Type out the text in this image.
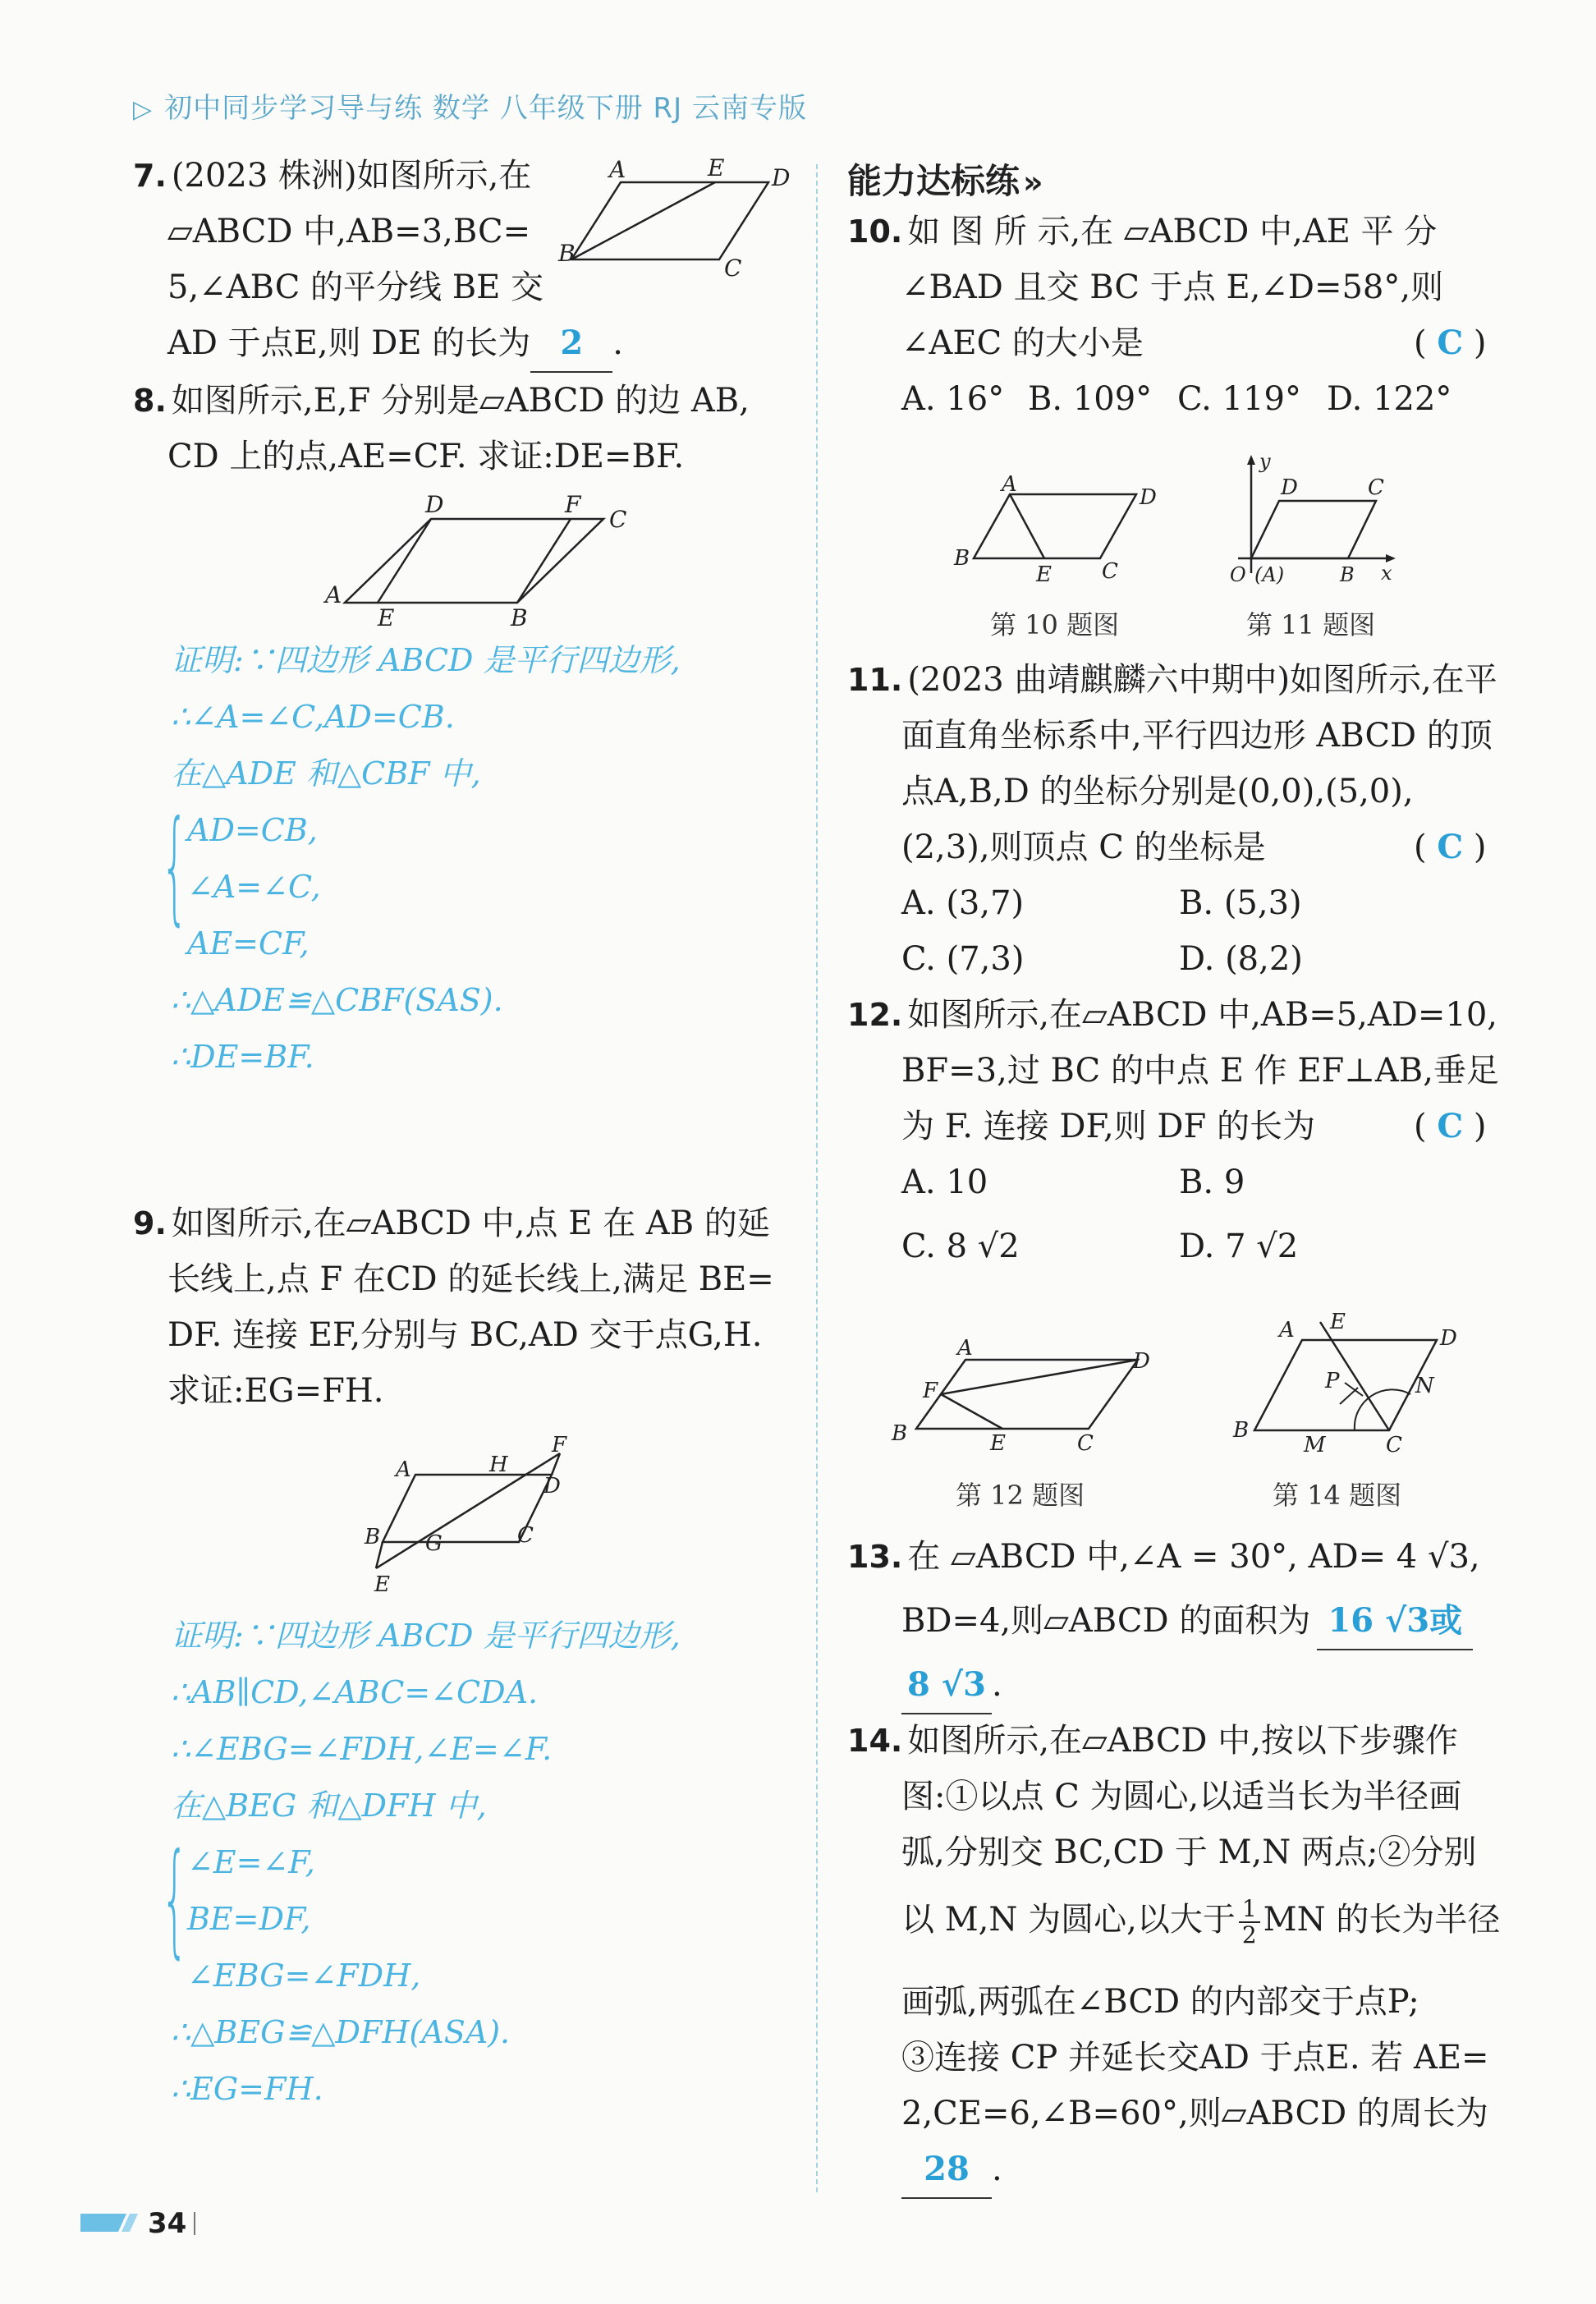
▷ 初中同步学习导与练 数学 八年级下册 RJ 云南专版
7. (2023 株洲)如图所示,在
▱ABCD 中,AB=3,BC=
5,∠ABC 的平分线 BE 交
AD 于点E,则 DE 的长为 2 .
A	E D
B
C
8. 如图所示,E,F 分别是▱ABCD 的边 AB,
CD 上的点,AE=CF. 求证:DE=BF.
D	F
C
A
E	B
证明:∵四边形 ABCD 是平行四边形,
∴∠A=∠C,AD=CB.
在△ADE 和△CBF 中,
{
AD=CB,
∠A=∠C,
AE=CF,
∴△ADE≌△CBF(SAS).
∴DE=BF.
9. 如图所示,在▱ABCD 中,点 E 在 AB 的延
长线上,点 F 在CD 的延长线上,满足 BE=
DF. 连接 EF,分别与 BC,AD 交于点G,H.
求证:EG=FH.
A	H
F
D
B G	C
E
证明:∵四边形 ABCD 是平行四边形,
∴AB∥CD,∠ABC=∠CDA.
∴∠EBG=∠FDH,∠E=∠F.
在△BEG 和△DFH 中,
{
∠E=∠F,
BE=DF,
∠EBG=∠FDH,
∴△BEG≌△DFH(ASA).
∴EG=FH.
能力达标练 »
10. 如 图 所 示,在 ▱ABCD 中,AE 平 分
∠BAD 且交 BC 于点 E,∠D=58°,则
∠AEC 的大小是	( C )
A. 16° B. 109° C. 119° D. 122°
A
D
B
E C
第 10 题图
y
D	C
O (A)	B x
第 11 题图
11. (2023 曲靖麒麟六中期中)如图所示,在平
面直角坐标系中,平行四边形 ABCD 的顶
点A,B,D 的坐标分别是(0,0),(5,0),
(2,3),则顶点 C 的坐标是	( C )
A. (3,7)	B. (5,3)
C. (7,3)	D. (8,2)
12. 如图所示,在▱ABCD 中,AB=5,AD=10,
BF=3,过 BC 的中点 E 作 EF⊥AB,垂足
为 F. 连接 DF,则 DF 的长为	( C )
A. 10	B. 9
C. 8 √2	D. 7 √2
A
D
F
B	E	C
第 12 题图
A E
D
P	N
B
M	C
第 14 题图
13. 在 ▱ABCD 中,∠A = 30°, AD= 4 √3,
BD=4,则▱ABCD 的面积为 16 √3或
8 √3 .
14. 如图所示,在▱ABCD 中,按以下步骤作
图:①以点 C 为圆心,以适当长为半径画
弧,分别交 BC,CD 于 M,N 两点;②分别
以 M,N 为圆心,以大于 $\frac{1}{2}$ MN 的长为半径
画弧,两弧在∠BCD 的内部交于点P;
③连接 CP 并延长交AD 于点E. 若 AE=
2,CE=6,∠B=60°,则▱ABCD 的周长为
28 .
34
